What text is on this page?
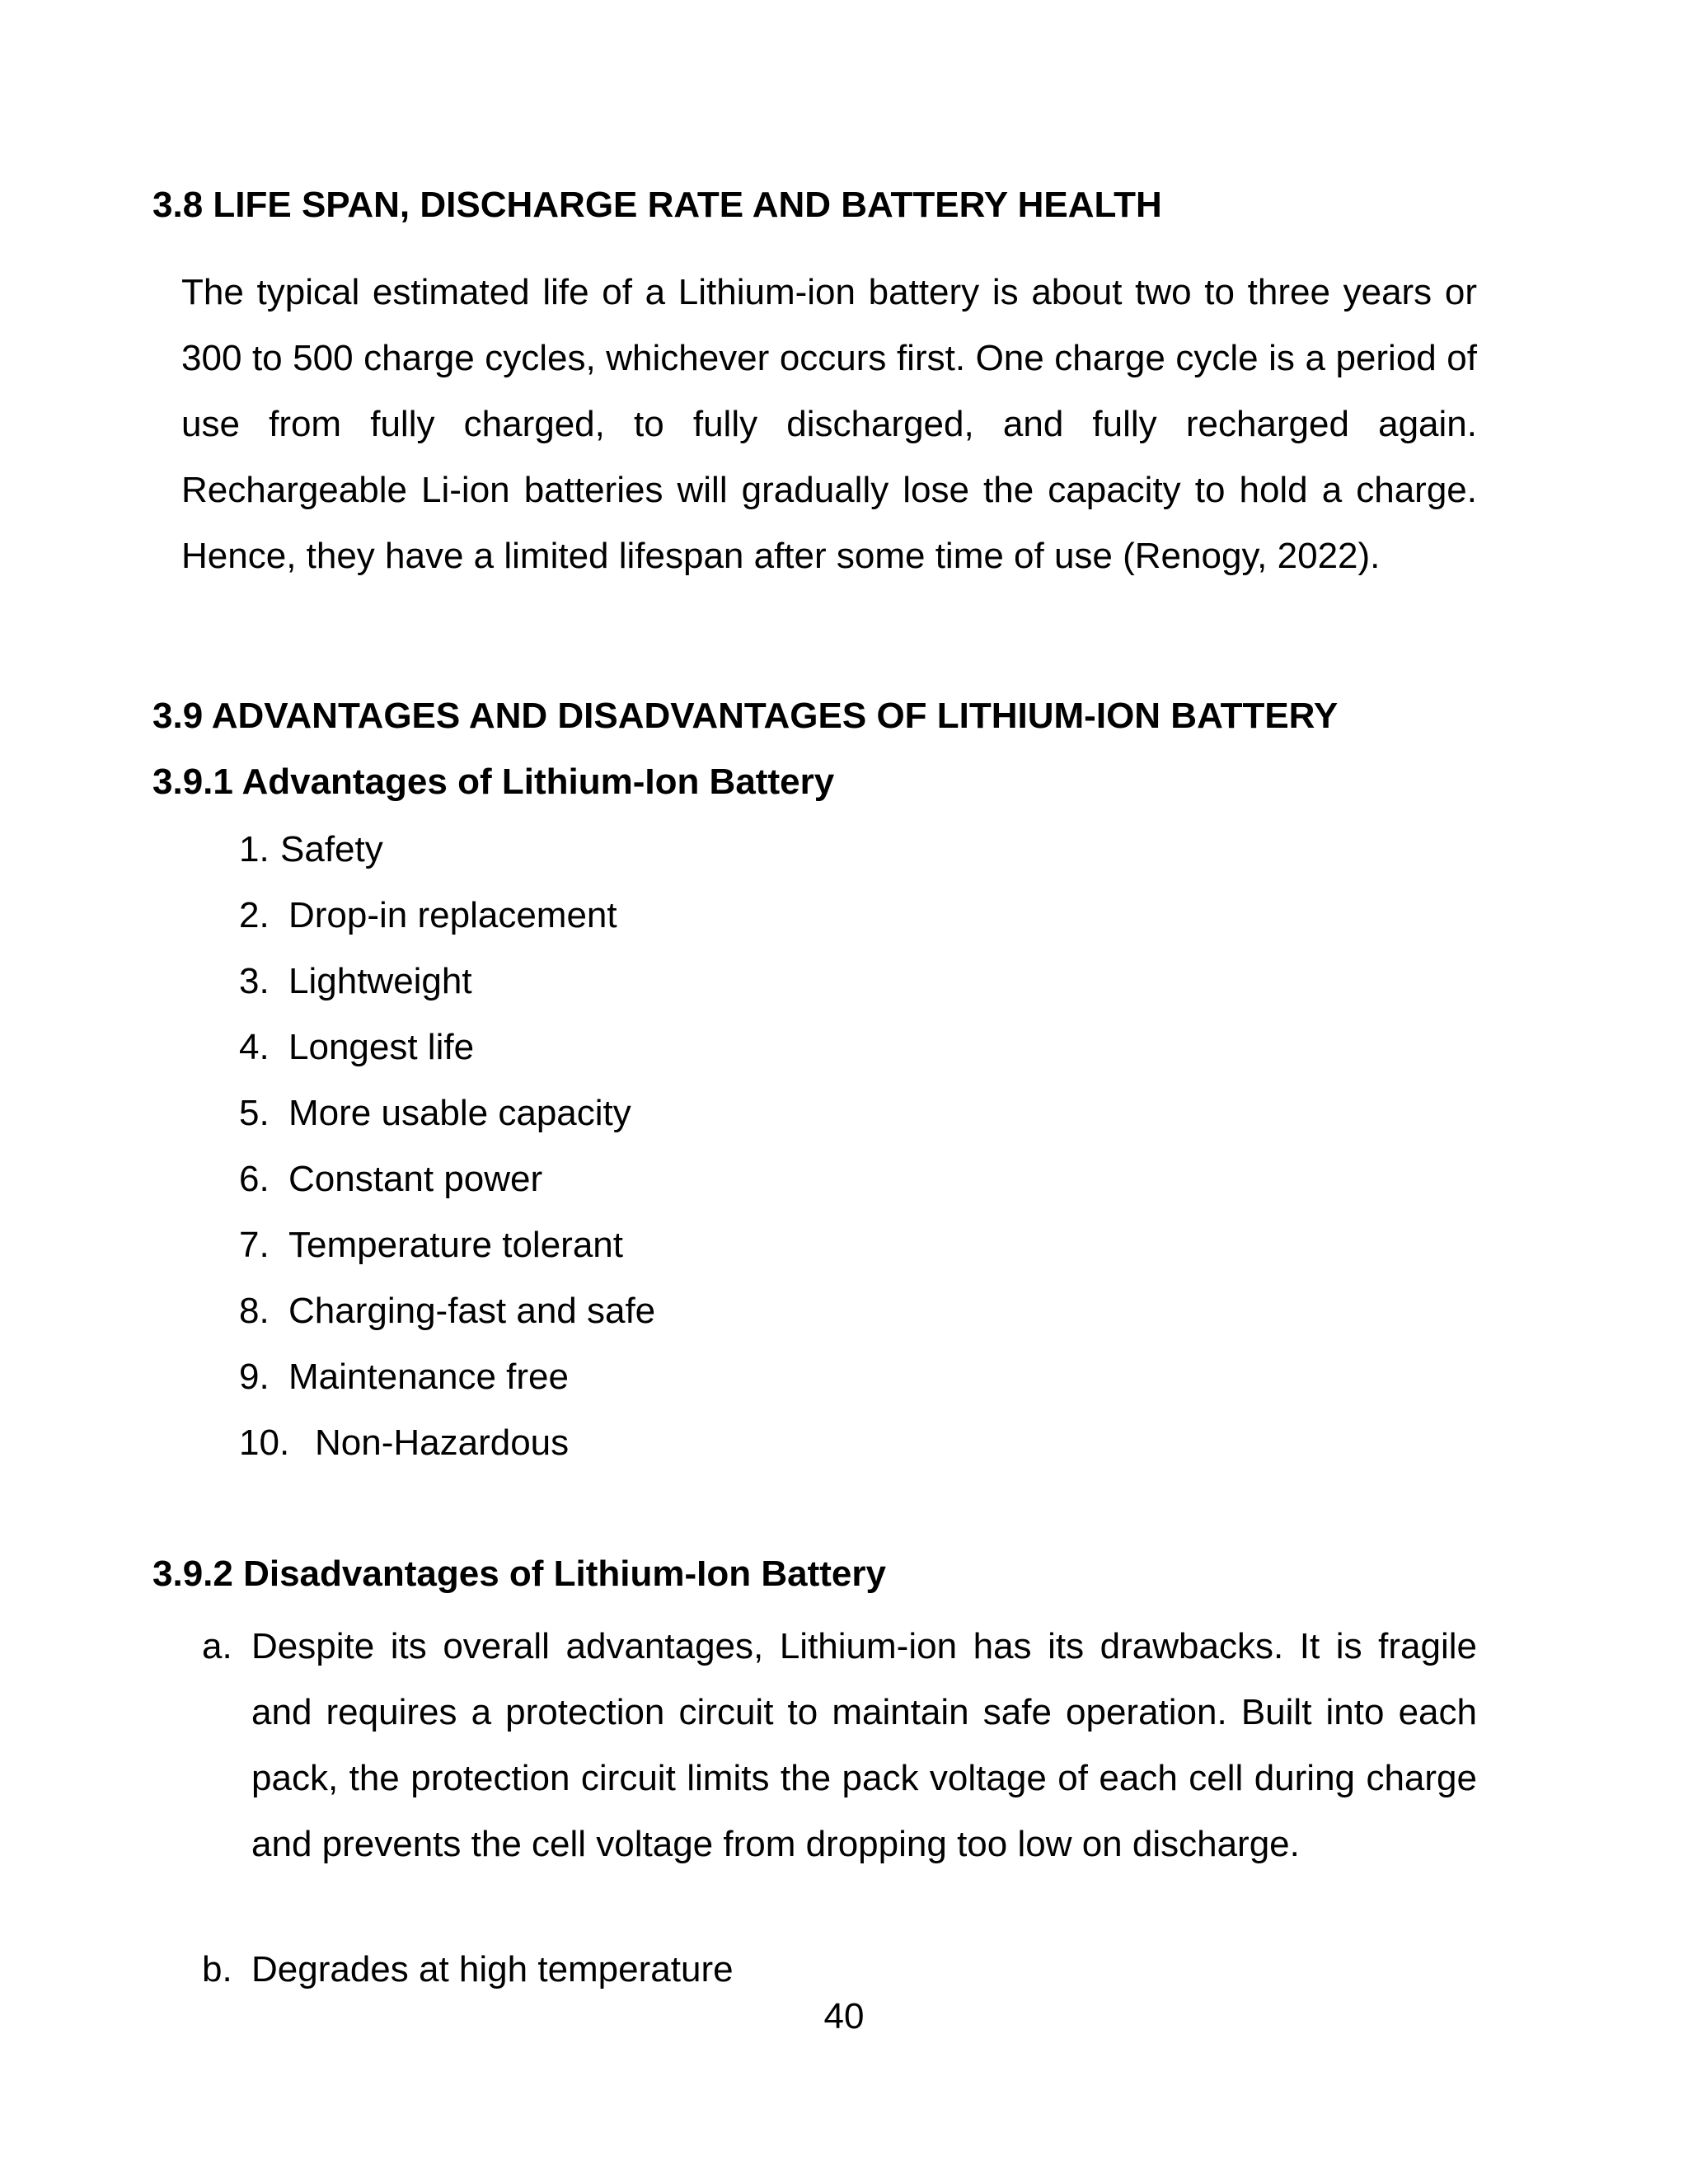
3.8 LIFE SPAN, DISCHARGE RATE AND BATTERY HEALTH

The typical estimated life of a Lithium-ion battery is about two to three years or 300 to 500 charge cycles, whichever occurs first. One charge cycle is a period of use from fully charged, to fully discharged, and fully recharged again. Rechargeable Li-ion batteries will gradually lose the capacity to hold a charge. Hence, they have a limited lifespan after some time of use (Renogy, 2022).

3.9 ADVANTAGES AND DISADVANTAGES OF LITHIUM-ION BATTERY
3.9.1 Advantages of Lithium-Ion Battery
1. Safety
2. Drop-in replacement
3. Lightweight
4. Longest life
5. More usable capacity
6. Constant power
7. Temperature tolerant
8. Charging-fast and safe
9. Maintenance free
10. Non-Hazardous
3.9.2 Disadvantages of Lithium-Ion Battery
a. Despite its overall advantages, Lithium-ion has its drawbacks. It is fragile and requires a protection circuit to maintain safe operation. Built into each pack, the protection circuit limits the pack voltage of each cell during charge and prevents the cell voltage from dropping too low on discharge.
b. Degrades at high temperature
40
